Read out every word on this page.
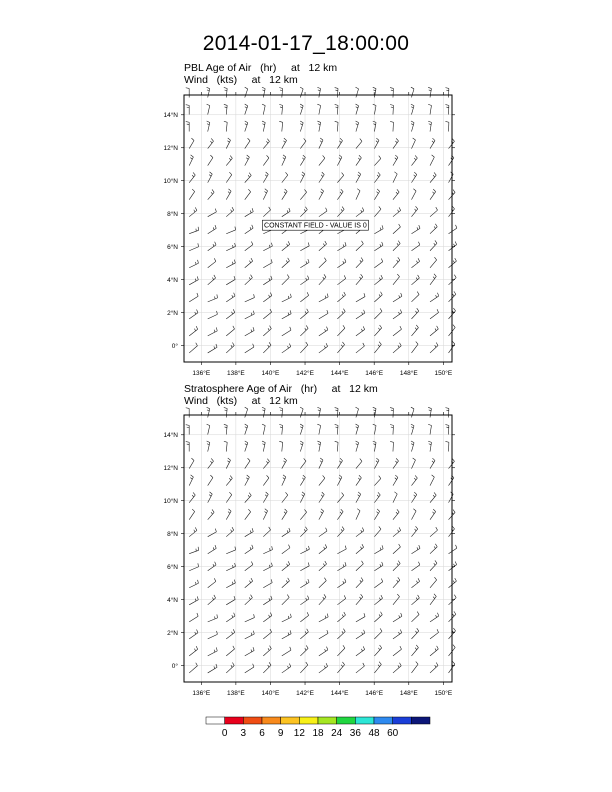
2014-01-17_18:00:00
PBL Age of Air   (hr)     at   12 km
Wind   (kts)     at   12 km
Stratosphere Age of Air   (hr)     at   12 km
Wind   (kts)     at   12 km
136°E	138°E	140°E	142°E	144°E	146°E	148°E	150°E
0°
2°N
4°N
6°N
8°N
10°N
12°N
14°N
CONSTANT FIELD - VALUE IS 0
136°E	138°E	140°E	142°E	144°E	146°E	148°E	150°E
0°
2°N
4°N
6°N
8°N
10°N
12°N
14°N
0 3 6 9 12 18 24 36 48 60
